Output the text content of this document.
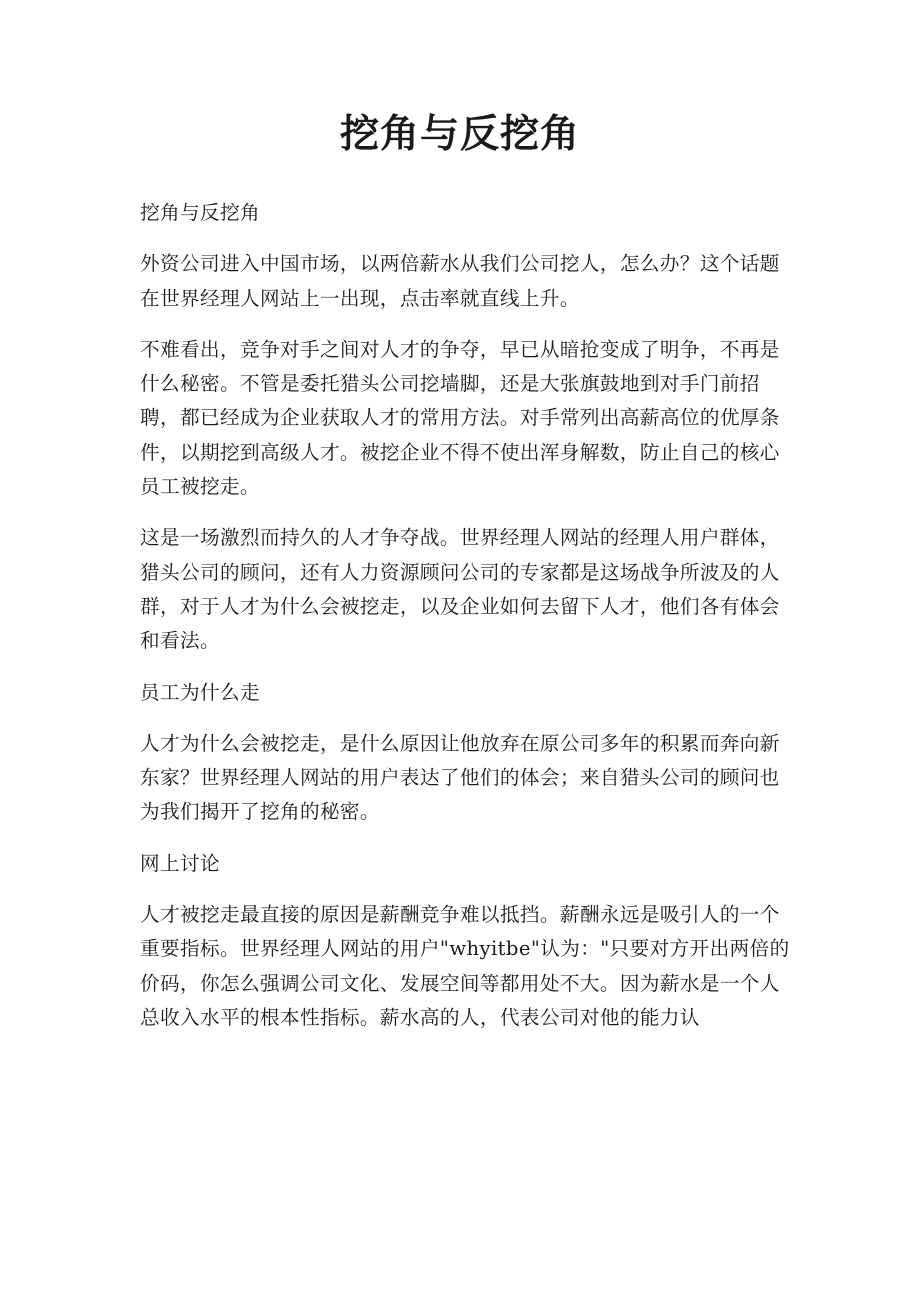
挖角与反挖角

挖角与反挖角

外资公司进入中国市场，以两倍薪水从我们公司挖人，怎么办？这个话题在世界经理人网站上一出现，点击率就直线上升。

不难看出，竞争对手之间对人才的争夺，早已从暗抢变成了明争，不再是什么秘密。不管是委托猎头公司挖墙脚，还是大张旗鼓地到对手门前招聘，都已经成为企业获取人才的常用方法。对手常列出高薪高位的优厚条件，以期挖到高级人才。被挖企业不得不使出浑身解数，防止自己的核心员工被挖走。

这是一场激烈而持久的人才争夺战。世界经理人网站的经理人用户群体，猎头公司的顾问，还有人力资源顾问公司的专家都是这场战争所波及的人群，对于人才为什么会被挖走，以及企业如何去留下人才，他们各有体会和看法。

员工为什么走

人才为什么会被挖走，是什么原因让他放弃在原公司多年的积累而奔向新东家？世界经理人网站的用户表达了他们的体会；来自猎头公司的顾问也为我们揭开了挖角的秘密。

网上讨论

人才被挖走最直接的原因是薪酬竞争难以抵挡。薪酬永远是吸引人的一个重要指标。世界经理人网站的用户"whyitbe"认为："只要对方开出两倍的价码，你怎么强调公司文化、发展空间等都用处不大。因为薪水是一个人总收入水平的根本性指标。薪水高的人，代表公司对他的能力认
